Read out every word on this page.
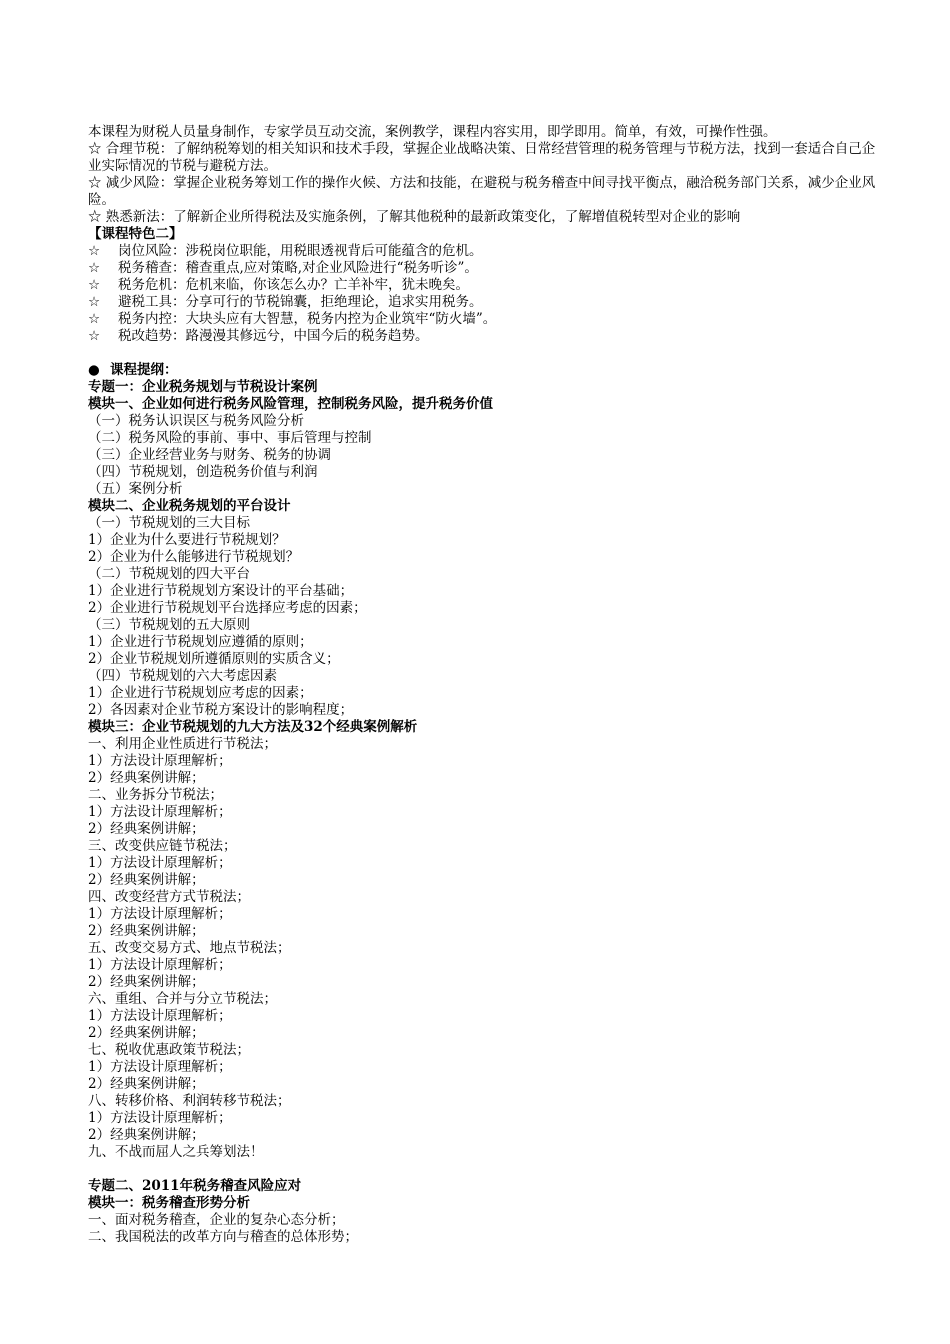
本课程为财税人员量身制作，专家学员互动交流，案例教学，课程内容实用，即学即用。简单，有效，可操作性强。
☆ 合理节税：了解纳税筹划的相关知识和技术手段，掌握企业战略决策、日常经营管理的税务管理与节税方法，找到一套适合自己企业实际情况的节税与避税方法。
☆ 减少风险：掌握企业税务筹划工作的操作火候、方法和技能，在避税与税务稽查中间寻找平衡点，融洽税务部门关系，减少企业风险。
☆ 熟悉新法：了解新企业所得税法及实施条例，了解其他税种的最新政策变化，了解增值税转型对企业的影响
【课程特色二】
☆ 岗位风险：涉税岗位职能，用税眼透视背后可能蕴含的危机。
☆ 税务稽查：稽查重点,应对策略,对企业风险进行“税务听诊”。
☆ 税务危机：危机来临，你该怎么办？亡羊补牢，犹未晚矣。
☆ 避税工具：分享可行的节税锦囊，拒绝理论，追求实用税务。
☆ 税务内控：大块头应有大智慧，税务内控为企业筑牢“防火墙”。
☆ 税改趋势：路漫漫其修远兮，中国今后的税务趋势。
● 课程提纲：
专题一：企业税务规划与节税设计案例
模块一、企业如何进行税务风险管理，控制税务风险，提升税务价值
（一）税务认识误区与税务风险分析
（二）税务风险的事前、事中、事后管理与控制
（三）企业经营业务与财务、税务的协调
（四）节税规划，创造税务价值与利润
（五）案例分析
模块二、企业税务规划的平台设计
（一）节税规划的三大目标
1）企业为什么要进行节税规划？
2）企业为什么能够进行节税规划？
（二）节税规划的四大平台
1）企业进行节税规划方案设计的平台基础；
2）企业进行节税规划平台选择应考虑的因素；
（三）节税规划的五大原则
1）企业进行节税规划应遵循的原则；
2）企业节税规划所遵循原则的实质含义；
（四）节税规划的六大考虑因素
1）企业进行节税规划应考虑的因素；
2）各因素对企业节税方案设计的影响程度；
模块三：企业节税规划的九大方法及32个经典案例解析
一、利用企业性质进行节税法；
1）方法设计原理解析；
2）经典案例讲解；
二、业务拆分节税法；
1）方法设计原理解析；
2）经典案例讲解；
三、改变供应链节税法；
1）方法设计原理解析；
2）经典案例讲解；
四、改变经营方式节税法；
1）方法设计原理解析；
2）经典案例讲解；
五、改变交易方式、地点节税法；
1）方法设计原理解析；
2）经典案例讲解；
六、重组、合并与分立节税法；
1）方法设计原理解析；
2）经典案例讲解；
七、税收优惠政策节税法；
1）方法设计原理解析；
2）经典案例讲解；
八、转移价格、利润转移节税法；
1）方法设计原理解析；
2）经典案例讲解；
九、不战而屈人之兵筹划法！
专题二、2011年税务稽查风险应对
模块一：税务稽查形势分析
一、面对税务稽查，企业的复杂心态分析；
二、我国税法的改革方向与稽查的总体形势；
